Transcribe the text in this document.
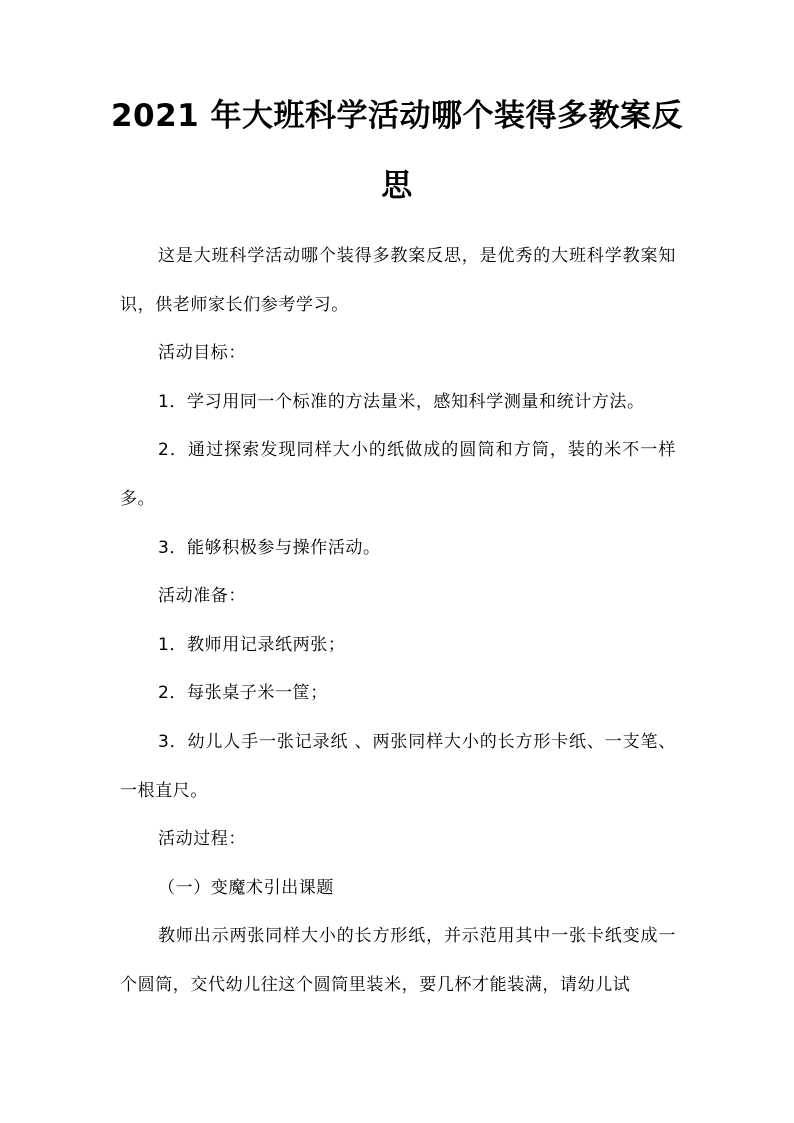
2021 年大班科学活动哪个装得多教案反
思

这是大班科学活动哪个装得多教案反思，是优秀的大班科学教案知识，供老师家长们参考学习。

活动目标：

1．学习用同一个标准的方法量米，感知科学测量和统计方法。

2．通过探索发现同样大小的纸做成的圆筒和方筒，装的米不一样多。

3．能够积极参与操作活动。

活动准备：

1．教师用记录纸两张；

2．每张桌子米一筐；

3．幼儿人手一张记录纸 、两张同样大小的长方形卡纸、一支笔、一根直尺。

活动过程：

（一）变魔术引出课题

教师出示两张同样大小的长方形纸，并示范用其中一张卡纸变成一个圆筒，交代幼儿往这个圆筒里装米，要几杯才能装满，请幼儿试
